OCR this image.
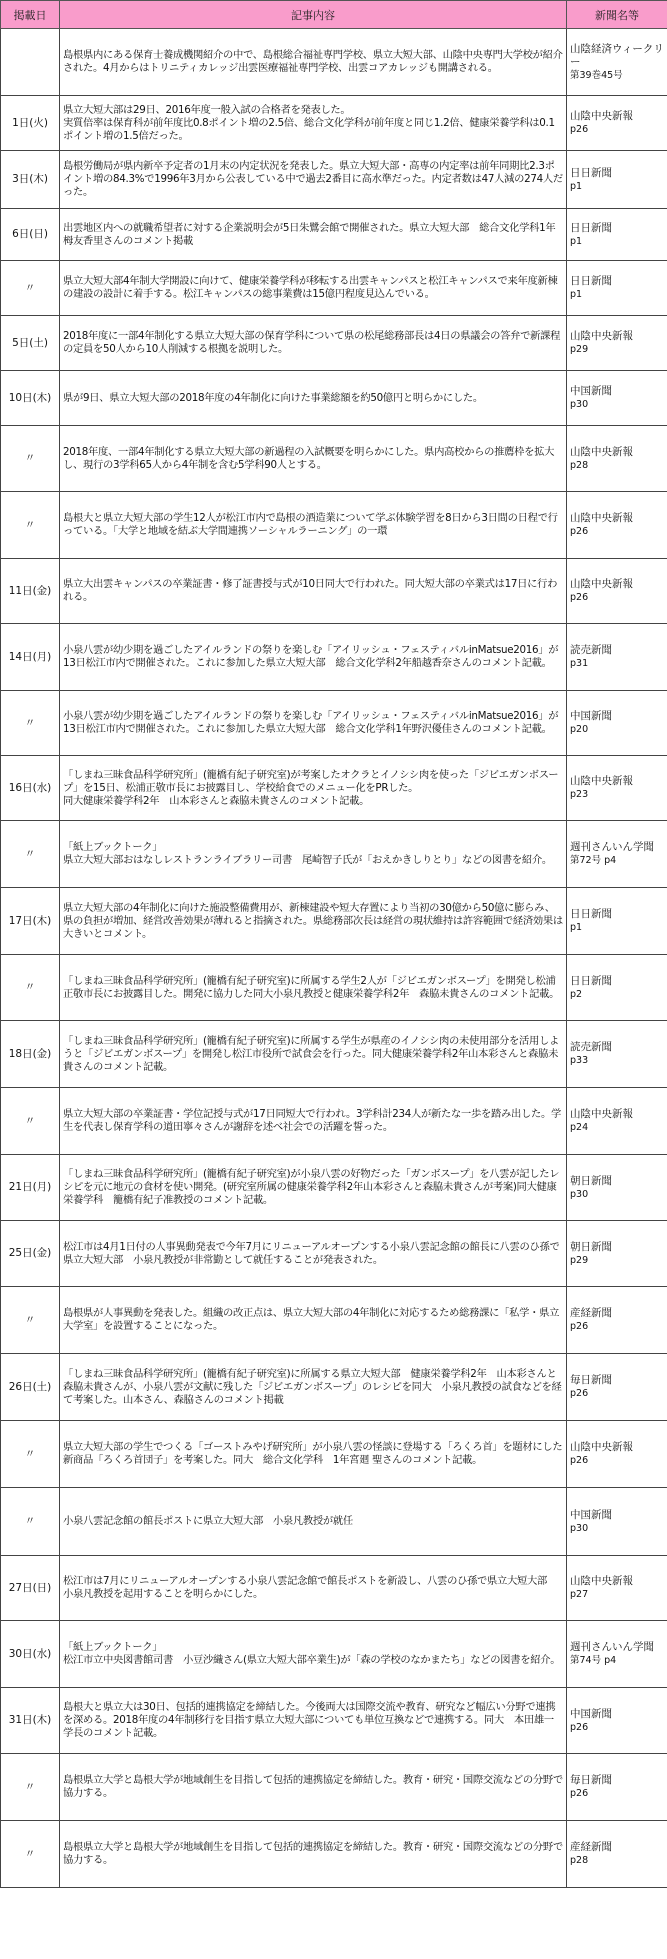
掲載日	記事内容	新聞名等

	島根県内にある保育士養成機関紹介の中で、島根総合福祉専門学校、県立大短大部、山陰中央専門大学校が紹介された。4月からはトリニティカレッジ出雲医療福祉専門学校、出雲コアカレッジも開講される。	山陰経済ウィークリー
第39巻45号

1日(火)	県立大短大部は29日、2016年度一般入試の合格者を発表した。
実質倍率は保育科が前年度比0.8ポイント増の2.5倍、総合文化学科が前年度と同じ1.2倍、健康栄養学科は0.1ポイント増の1.5倍だった。	山陰中央新報
p26

3日(木)	島根労働局が県内新卒予定者の1月末の内定状況を発表した。県立大短大部・高専の内定率は前年同期比2.3ポイント増の84.3%で1996年3月から公表している中で過去2番目に高水準だった。内定者数は47人減の274人だった。	日日新聞
p1

6日(日)	出雲地区内への就職希望者に対する企業説明会が5日朱鷺会館で開催された。県立大短大部　総合文化学科1年栂友香里さんのコメント掲載	日日新聞
p1

〃	県立大短大部4年制大学開設に向けて、健康栄養学科が移転する出雲キャンパスと松江キャンパスで来年度新棟の建設の設計に着手する。松江キャンパスの総事業費は15億円程度見込んでいる。	日日新聞
p1

5日(土)	2018年度に一部4年制化する県立大短大部の保育学科について県の松尾総務部長は4日の県議会の答弁で新課程の定員を50人から10人削減する根拠を説明した。	山陰中央新報
p29

10日(木)	県が9日、県立大短大部の2018年度の4年制化に向けた事業総額を約50億円と明らかにした。	中国新聞
p30

〃	2018年度、一部4年制化する県立大短大部の新過程の入試概要を明らかにした。県内高校からの推薦枠を拡大し、現行の3学科65人から4年制を含む5学科90人とする。	山陰中央新報
p28

〃	島根大と県立大短大部の学生12人が松江市内で島根の酒造業について学ぶ体験学習を8日から3日間の日程で行っている。「大学と地域を結ぶ大学間連携ソーシャルラーニング」の一環	山陰中央新報
p26

11日(金)	県立大出雲キャンパスの卒業証書・修了証書授与式が10日同大で行われた。同大短大部の卒業式は17日に行われる。	山陰中央新報
p26

14日(月)	小泉八雲が幼少期を過ごしたアイルランドの祭りを楽しむ「アイリッシュ・フェスティバルinMatsue2016」が13日松江市内で開催された。これに参加した県立大短大部　総合文化学科2年船越香奈さんのコメント記載。	読売新聞
p31

〃	小泉八雲が幼少期を過ごしたアイルランドの祭りを楽しむ「アイリッシュ・フェスティバルinMatsue2016」が13日松江市内で開催された。これに参加した県立大短大部　総合文化学科1年野沢優佳さんのコメント記載。	中国新聞
p20

16日(水)	「しまね三昧食品科学研究所」(籠橋有紀子研究室)が考案したオクラとイノシシ肉を使った「ジビエガンボスープ」を15日、松浦正敬市長にお披露目し、学校給食でのメニュー化をPRした。
同大健康栄養学科2年　山本彩さんと森脇未貴さんのコメント記載。	山陰中央新報
p23

〃	「紙上ブックトーク」
県立大短大部おはなしレストランライブラリー司書　尾崎智子氏が「おえかきしりとり」などの図書を紹介。	週刊さんいん学聞
第72号 p4

17日(木)	県立大短大部の4年制化に向けた施設整備費用が、新棟建設や短大存置により当初の30億から50億に膨らみ、県の負担が増加、経営改善効果が薄れると指摘された。県総務部次長は経営の現状維持は許容範囲で経済効果は大きいとコメント。	日日新聞
p1

〃	「しまね三昧食品科学研究所」(籠橋有紀子研究室)に所属する学生2人が「ジビエガンボスープ」を開発し松浦正敬市長にお披露目した。開発に協力した同大小泉凡教授と健康栄養学科2年　森脇未貴さんのコメント記載。	日日新聞
p2

18日(金)	「しまね三昧食品科学研究所」(籠橋有紀子研究室)に所属する学生が県産のイノシシ肉の未使用部分を活用しようと「ジビエガンボスープ」を開発し松江市役所で試食会を行った。同大健康栄養学科2年山本彩さんと森脇未貴さんのコメント記載。	読売新聞
p33

〃	県立大短大部の卒業証書・学位記授与式が17日同短大で行われ。3学科計234人が新たな一歩を踏み出した。学生を代表し保育学科の道田寧々さんが謝辞を述べ社会での活躍を誓った。	山陰中央新報
p24

21日(月)	「しまね三昧食品科学研究所」(籠橋有紀子研究室)が小泉八雲の好物だった「ガンボスープ」を八雲が記したレシピを元に地元の食材を使い開発。(研究室所属の健康栄養学科2年山本彩さんと森脇未貴さんが考案)同大健康栄養学科　籠橋有紀子准教授のコメント記載。	朝日新聞
p30

25日(金)	松江市は4月1日付の人事異動発表で今年7月にリニューアルオープンする小泉八雲記念館の館長に八雲のひ孫で県立大短大部　小泉凡教授が非常勤として就任することが発表された。	朝日新聞
p29

〃	島根県が人事異動を発表した。組織の改正点は、県立大短大部の4年制化に対応するため総務課に「私学・県立大学室」を設置することになった。	産経新聞
p26

26日(土)	「しまね三昧食品科学研究所」(籠橋有紀子研究室)に所属する県立大短大部　健康栄養学科2年　山本彩さんと森脇未貴さんが、小泉八雲が文献に残した「ジビエガンボスープ」のレシピを同大　小泉凡教授の試食などを経て考案した。山本さん、森脇さんのコメント掲載	毎日新聞
p26

〃	県立大短大部の学生でつくる「ゴーストみやげ研究所」が小泉八雲の怪談に登場する「ろくろ首」を題材にした新商品「ろくろ首団子」を考案した。同大　総合文化学科　1年宮廻 聖さんのコメント記載。	山陰中央新報
p26

〃	小泉八雲記念館の館長ポストに県立大短大部　小泉凡教授が就任	中国新聞
p30

27日(日)	松江市は7月にリニューアルオープンする小泉八雲記念館で館長ポストを新設し、八雲のひ孫で県立大短大部　小泉凡教授を起用することを明らかにした。	山陰中央新報
p27

30日(水)	「紙上ブックトーク」
松江市立中央図書館司書　小豆沙織さん(県立大短大部卒業生)が「森の学校のなかまたち」などの図書を紹介。	週刊さんいん学聞
第74号 p4

31日(木)	島根大と県立大は30日、包括的連携協定を締結した。今後両大は国際交流や教育、研究など幅広い分野で連携を深める。2018年度の4年制移行を目指す県立大短大部についても単位互換などで連携する。同大　本田雄一学長のコメント記載。	中国新聞
p26

〃	島根県立大学と島根大学が地域創生を目指して包括的連携協定を締結した。教育・研究・国際交流などの分野で協力する。	毎日新聞
p26

〃	島根県立大学と島根大学が地域創生を目指して包括的連携協定を締結した。教育・研究・国際交流などの分野で協力する。	産経新聞
p28
